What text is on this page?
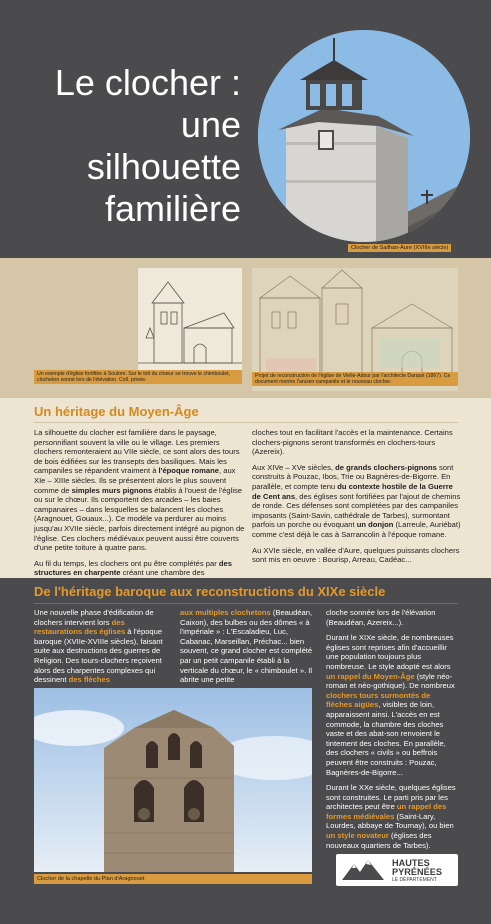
Le clocher :
une
silhouette
familière
Clocher de Sailhan-Aure (XVIIIe siècle)
Un exemple d'église fortifiée à Soulom. Sur le toit du chœur se trouve le chimboulet, clocheton sonné lors de l'élévation. Coll. privée.
Projet de reconstruction de l'église de Vielle-Adour par l'architecte Darqué (1867). Ce document montre l'ancien campanile et le nouveau clocher.
Un héritage du Moyen-Âge

La silhouette du clocher est familière dans le paysage, personnifiant souvent la ville ou le village. Les premiers clochers remonteraient au VIIe siècle, ce sont alors des tours de bois édifiées sur les transepts des basiliques. Mais les campaniles se répandent vraiment à l'époque romane, aux XIe – XIIIe siècles. Ils se présentent alors le plus souvent comme de simples murs pignons établis à l'ouest de l'église ou sur le chœur. Ils comportent des arcades – les baies campanaires – dans lesquelles se balancent les cloches (Aragnouet, Gouaux...). Ce modèle va perdurer au moins jusqu'au XVIIe siècle, parfois directement intégré au pignon de l'église. Ces clochers médiévaux peuvent aussi être couverts d'une petite toiture à quatre pans.

Au fil du temps, les clochers ont pu être complétés par des structures en charpente créant une chambre des

cloches tout en facilitant l'accès et la maintenance. Certains clochers-pignons seront transformés en clochers-tours (Azereix).

Aux XIVe – XVe siècles, de grands clochers-pignons sont construits à Pouzac, Ibos, Trie ou Bagnères-de-Bigorre. En parallèle, et compte tenu du contexte hostile de la Guerre de Cent ans, des églises sont fortifiées par l'ajout de chemins de ronde. Ces défenses sont complétées par des campaniles imposants (Saint-Savin, cathédrale de Tarbes), surmontant parfois un porche ou évoquant un donjon (Larreule, Auriébat) comme c'est déjà le cas à Sarrancolin à l'époque romane.

Au XVIe siècle, en vallée d'Aure, quelques puissants clochers sont mis en oeuvre : Bourisp, Arreau, Cadéac...

De l'héritage baroque aux reconstructions du XIXe siècle

Une nouvelle phase d'édification de clochers intervient lors des restaurations des églises à l'époque baroque (XVIIe-XVIIIe siècles), faisant suite aux destructions des guerres de Religion. Des tours-clochers reçoivent alors des charpentes complexes qui dessinent des flèches

aux multiples clochetons (Beaudéan, Caixon), des bulbes ou des dômes « à l'impériale » : L'Escaladieu, Luc, Cabanac, Marseillan, Préchac... bien souvent, ce grand clocher est complété par un petit campanile établi à la verticale du chœur, le « chimboulet ». Il abrite une petite

cloche sonnée lors de l'élévation (Beaudéan, Azereix...).

Durant le XIXe siècle, de nombreuses églises sont reprises afin d'accueillir une population toujours plus nombreuse. Le style adopté est alors un rappel du Moyen-Âge (style néo-roman et néo-gothique). De nombreux clochers tours surmontés de flèches aigües, visibles de loin, apparaissent ainsi. L'accès en est commode, la chambre des cloches vaste et des abat-son renvoient le tintement des cloches. En parallèle, des clochers « civils » ou beffrois peuvent être construits : Pouzac, Bagnères-de-Bigorre...

Durant le XXe siècle, quelques églises sont construites. Le parti pris par les architectes peut être un rappel des formes médiévales (Saint-Lary, Lourdes, abbaye de Tournay), ou bien un style novateur (églises des nouveaux quartiers de Tarbes).

Clocher de la chapelle du Plan d'Aragnouet
HAUTES
PYRÉNÉES
LE DÉPARTEMENT
